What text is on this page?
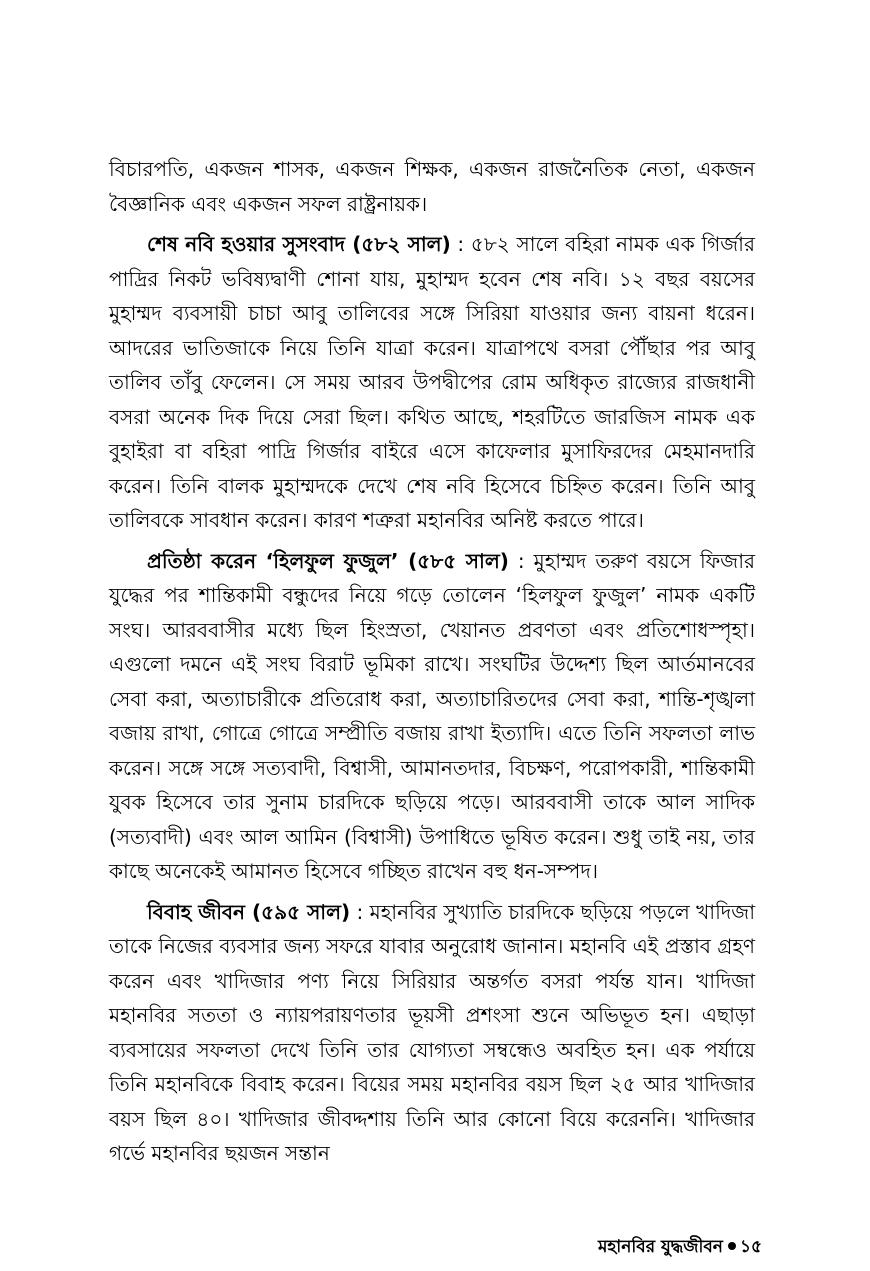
বিচারপতি, একজন শাসক, একজন শিক্ষক, একজন রাজনৈতিক নেতা, একজন বৈজ্ঞানিক এবং একজন সফল রাষ্ট্রনায়ক।

শেষ নবি হওয়ার সুসংবাদ (৫৮২ সাল) : ৫৮২ সালে বহিরা নামক এক গির্জার পাদ্রির নিকট ভবিষ্যদ্বাণী শোনা যায়, মুহাম্মদ হবেন শেষ নবি। ১২ বছর বয়সের মুহাম্মদ ব্যবসায়ী চাচা আবু তালিবের সঙ্গে সিরিয়া যাওয়ার জন্য বায়না ধরেন। আদরের ভাতিজাকে নিয়ে তিনি যাত্রা করেন। যাত্রাপথে বসরা পৌঁছার পর আবু তালিব তাঁবু ফেলেন। সে সময় আরব উপদ্বীপের রোম অধিকৃত রাজ্যের রাজধানী বসরা অনেক দিক দিয়ে সেরা ছিল। কথিত আছে, শহরটিতে জারজিস নামক এক বুহাইরা বা বহিরা পাদ্রি গির্জার বাইরে এসে কাফেলার মুসাফিরদের মেহমানদারি করেন। তিনি বালক মুহাম্মদকে দেখে শেষ নবি হিসেবে চিহ্নিত করেন। তিনি আবু তালিবকে সাবধান করেন। কারণ শত্রুরা মহানবির অনিষ্ট করতে পারে।

প্রতিষ্ঠা করেন ‘হিলফুল ফুজুল’ (৫৮৫ সাল) : মুহাম্মদ তরুণ বয়সে ফিজার যুদ্ধের পর শান্তিকামী বন্ধুদের নিয়ে গড়ে তোলেন ‘হিলফুল ফুজুল’ নামক একটি সংঘ। আরববাসীর মধ্যে ছিল হিংস্রতা, খেয়ানত প্রবণতা এবং প্রতিশোধস্পৃহা। এগুলো দমনে এই সংঘ বিরাট ভূমিকা রাখে। সংঘটির উদ্দেশ্য ছিল আর্তমানবের সেবা করা, অত্যাচারীকে প্রতিরোধ করা, অত্যাচারিতদের সেবা করা, শান্তি-শৃঙ্খলা বজায় রাখা, গোত্রে গোত্রে সম্প্রীতি বজায় রাখা ইত্যাদি। এতে তিনি সফলতা লাভ করেন। সঙ্গে সঙ্গে সত্যবাদী, বিশ্বাসী, আমানতদার, বিচক্ষণ, পরোপকারী, শান্তিকামী যুবক হিসেবে তার সুনাম চারদিকে ছড়িয়ে পড়ে। আরববাসী তাকে আল সাদিক (সত্যবাদী) এবং আল আমিন (বিশ্বাসী) উপাধিতে ভূষিত করেন। শুধু তাই নয়, তার কাছে অনেকেই আমানত হিসেবে গচ্ছিত রাখেন বহু ধন-সম্পদ।

বিবাহ জীবন (৫৯৫ সাল) : মহানবির সুখ্যাতি চারদিকে ছড়িয়ে পড়লে খাদিজা তাকে নিজের ব্যবসার জন্য সফরে যাবার অনুরোধ জানান। মহানবি এই প্রস্তাব গ্রহণ করেন এবং খাদিজার পণ্য নিয়ে সিরিয়ার অন্তর্গত বসরা পর্যন্ত যান। খাদিজা মহানবির সততা ও ন্যায়পরায়ণতার ভূয়সী প্রশংসা শুনে অভিভূত হন। এছাড়া ব্যবসায়ের সফলতা দেখে তিনি তার যোগ্যতা সম্বন্ধেও অবহিত হন। এক পর্যায়ে তিনি মহানবিকে বিবাহ করেন। বিয়ের সময় মহানবির বয়স ছিল ২৫ আর খাদিজার বয়স ছিল ৪০। খাদিজার জীবদ্দশায় তিনি আর কোনো বিয়ে করেননি। খাদিজার গর্ভে মহানবির ছয়জন সন্তান

মহানবির যুদ্ধজীবন ১৫
